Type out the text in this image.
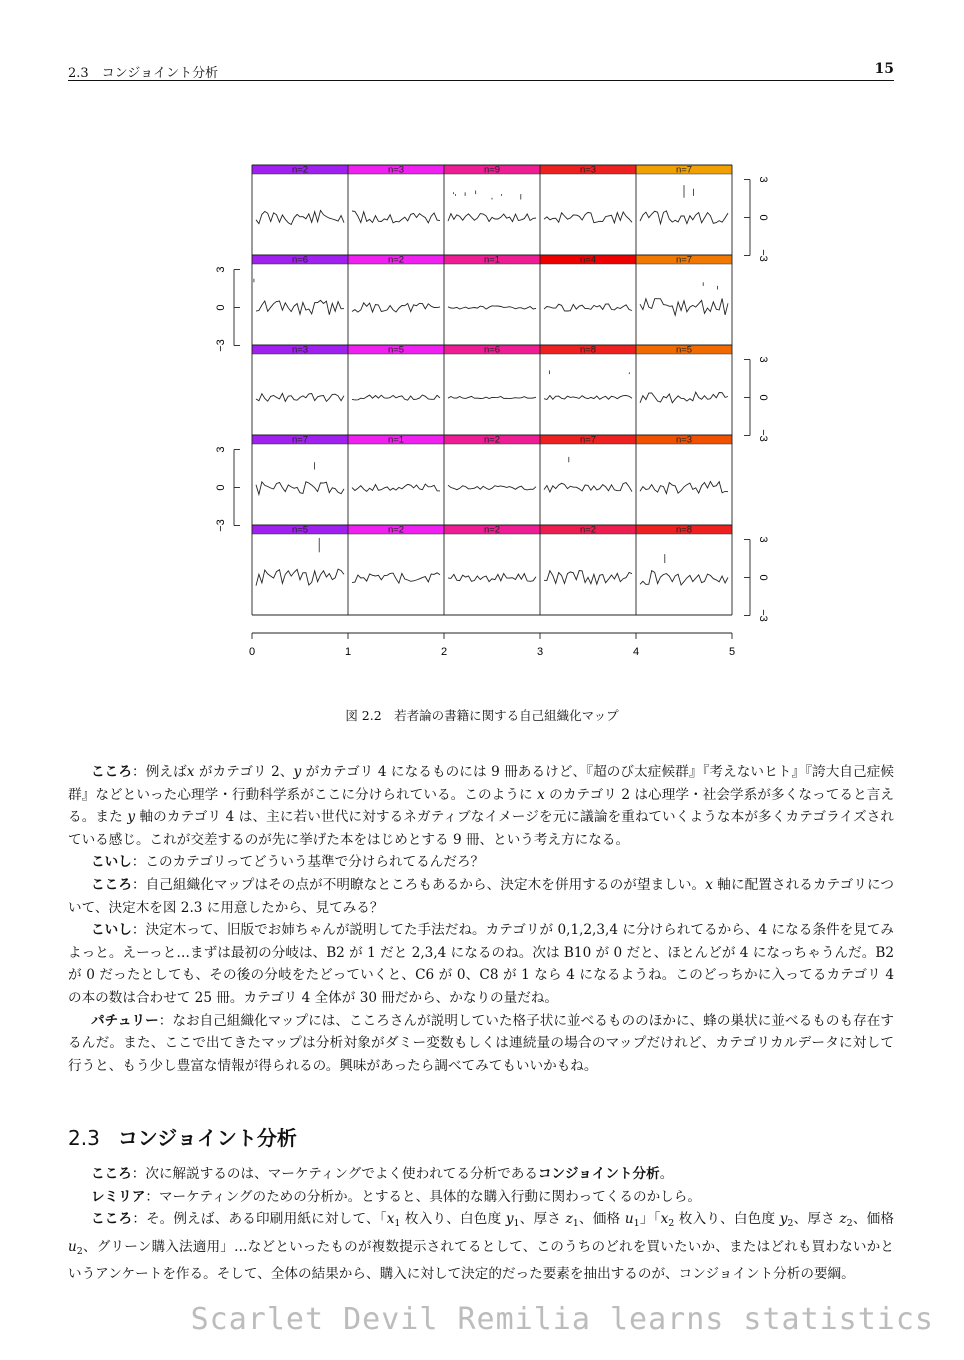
2.3　コンジョイント分析	15
n=2	n=3	n=9	n=3	n=7
n=6	n=2	n=1	n=4	n=7
n=3	n=5	n=6	n=8	n=5
n=7	n=1	n=2	n=7	n=3
n=5	n=2	n=2	n=2	n=8
0	1	2	3	4	5
3
0
−3
3
0
−3
3
0
−3
3
0
−3
3
0
−3
図 2.2　若者論の書籍に関する自己組織化マップ

こころ：例えばx がカテゴリ 2、y がカテゴリ 4 になるものには 9 冊あるけど、『超のび太症候群』『考えないヒト』『誇大自己症候群』などといった心理学・行動科学系がここに分けられている。このように x のカテゴリ 2 は心理学・社会学系が多くなってると言える。また y 軸のカテゴリ 4 は、主に若い世代に対するネガティブなイメージを元に議論を重ねていくような本が多くカテゴライズされている感じ。これが交差するのが先に挙げた本をはじめとする 9 冊、という考え方になる。

こいし：このカテゴリってどういう基準で分けられてるんだろ？

こころ：自己組織化マップはその点が不明瞭なところもあるから、決定木を併用するのが望ましい。x 軸に配置されるカテゴリについて、決定木を図 2.3 に用意したから、見てみる？

こいし：決定木って、旧版でお姉ちゃんが説明してた手法だね。カテゴリが 0,1,2,3,4 に分けられてるから、4 になる条件を見てみよっと。えーっと…まずは最初の分岐は、B2 が 1 だと 2,3,4 になるのね。次は B10 が 0 だと、ほとんどが 4 になっちゃうんだ。B2 が 0 だったとしても、その後の分岐をたどっていくと、C6 が 0、C8 が 1 なら 4 になるようね。このどっちかに入ってるカテゴリ 4 の本の数は合わせて 25 冊。カテゴリ 4 全体が 30 冊だから、かなりの量だね。

パチュリー：なお自己組織化マップには、こころさんが説明していた格子状に並べるもののほかに、蜂の巣状に並べるものも存在するんだ。また、ここで出てきたマップは分析対象がダミー変数もしくは連続量の場合のマップだけれど、カテゴリカルデータに対して行うと、もう少し豊富な情報が得られるの。興味があったら調べてみてもいいかもね。

2.3 コンジョイント分析

こころ：次に解説するのは、マーケティングでよく使われてる分析であるコンジョイント分析。

レミリア：マーケティングのための分析か。とすると、具体的な購入行動に関わってくるのかしら。

こころ：そ。例えば、ある印刷用紙に対して、「$x_1$ 枚入り、白色度 $y_1$、厚さ $z_1$、価格 $u_1$」「$x_2$ 枚入り、白色度 $y_2$、厚さ $z_2$、価格 $u_2$、グリーン購入法適用」…などといったものが複数提示されてるとして、このうちのどれを買いたいか、またはどれも買わないかというアンケートを作る。そして、全体の結果から、購入に対して決定的だった要素を抽出するのが、コンジョイント分析の要綱。

Scarlet Devil Remilia learns statistics
